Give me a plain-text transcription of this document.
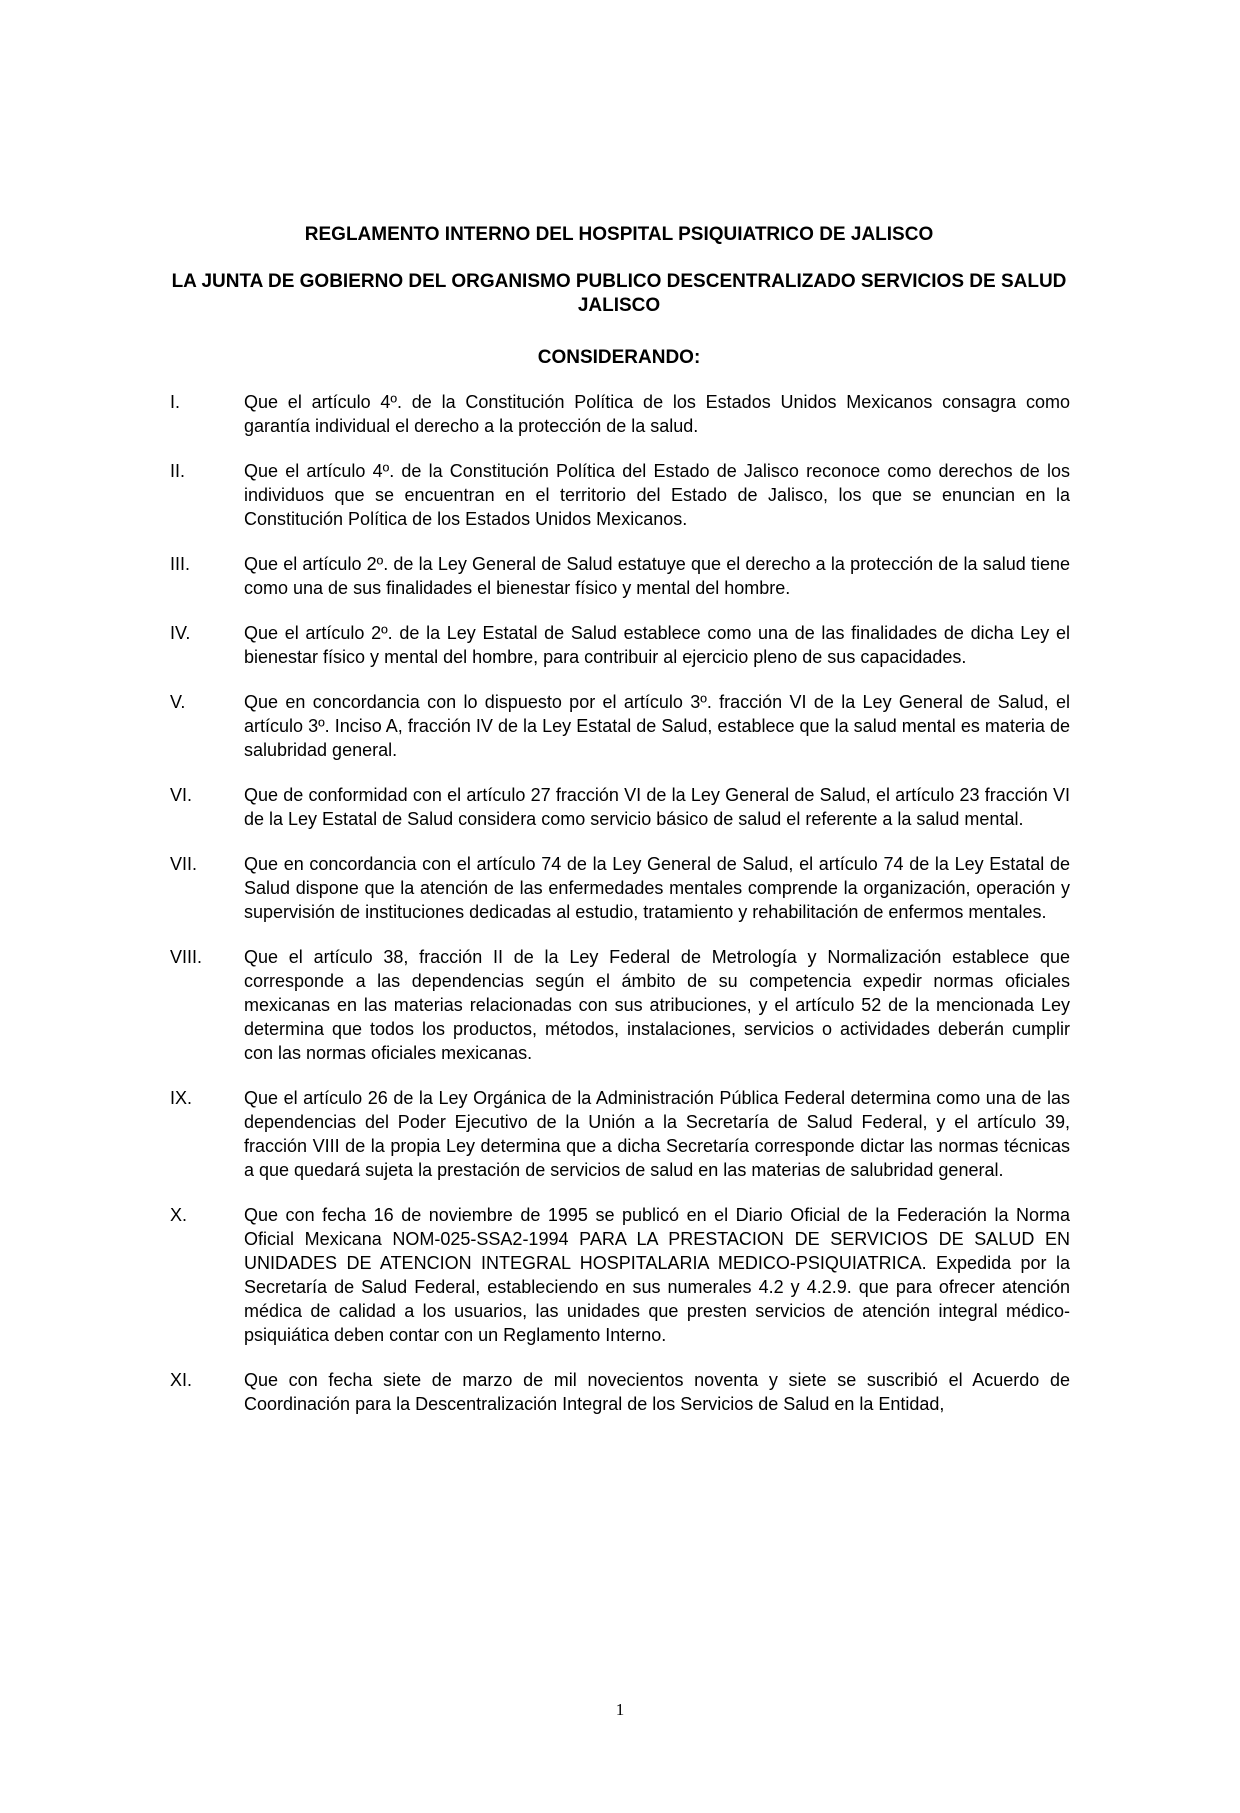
REGLAMENTO INTERNO DEL HOSPITAL PSIQUIATRICO DE JALISCO
LA JUNTA DE GOBIERNO DEL ORGANISMO PUBLICO DESCENTRALIZADO SERVICIOS DE SALUD JALISCO
CONSIDERANDO:
I.	Que el artículo 4º. de la Constitución Política de los Estados Unidos Mexicanos consagra como garantía individual el derecho a la protección de la salud.
II.	Que el artículo 4º. de la Constitución Política del Estado de Jalisco reconoce como derechos de los individuos que se encuentran en el territorio del Estado de Jalisco, los que se enuncian en la Constitución Política de los Estados Unidos Mexicanos.
III.	Que el artículo 2º. de la Ley General de Salud estatuye que el derecho a la protección de la salud tiene como una de sus finalidades el bienestar físico y mental del hombre.
IV.	Que el artículo 2º. de la Ley Estatal de Salud establece como una de las finalidades de dicha Ley el bienestar físico y mental del hombre, para contribuir al ejercicio pleno de sus capacidades.
V.	Que en concordancia con lo dispuesto por el artículo 3º. fracción VI de la Ley General de Salud, el artículo 3º. Inciso A, fracción IV de la Ley Estatal de Salud, establece que la salud mental es materia de salubridad general.
VI.	Que de conformidad con el artículo 27 fracción VI de la Ley General de Salud, el artículo 23 fracción VI de la Ley Estatal de Salud considera como servicio básico de salud el referente a la salud mental.
VII.	Que en concordancia con el artículo 74 de la Ley General de Salud, el artículo 74 de la Ley Estatal de Salud dispone que la atención de las enfermedades mentales comprende la organización, operación y supervisión de instituciones dedicadas al estudio, tratamiento y rehabilitación de enfermos mentales.
VIII.	Que el artículo 38, fracción II de la Ley Federal de Metrología y Normalización establece que corresponde a las dependencias según el ámbito de su competencia expedir normas oficiales mexicanas en las materias relacionadas con sus atribuciones, y el artículo 52 de la mencionada Ley determina que todos los productos, métodos, instalaciones, servicios o actividades deberán cumplir con las normas oficiales mexicanas.
IX.	Que el artículo 26 de la Ley Orgánica de la Administración Pública Federal determina como una de las dependencias del Poder Ejecutivo de la Unión a la Secretaría de Salud Federal, y el artículo 39, fracción VIII de la propia Ley determina que a dicha Secretaría corresponde dictar las normas técnicas a que quedará sujeta la prestación de servicios de salud en las materias de salubridad general.
X.	Que con fecha 16 de noviembre de 1995 se publicó en el Diario Oficial de la Federación la Norma Oficial Mexicana NOM-025-SSA2-1994 PARA LA PRESTACION DE SERVICIOS DE SALUD EN UNIDADES DE ATENCION INTEGRAL HOSPITALARIA MEDICO-PSIQUIATRICA. Expedida por la Secretaría de Salud Federal, estableciendo en sus numerales 4.2 y 4.2.9. que para ofrecer atención médica de calidad a los usuarios, las unidades que presten servicios de atención integral médico-psiquiática deben contar con un Reglamento Interno.
XI.	Que con fecha siete de marzo de mil novecientos noventa y siete se suscribió el Acuerdo de Coordinación para la Descentralización Integral de los Servicios de Salud en la Entidad,
1
